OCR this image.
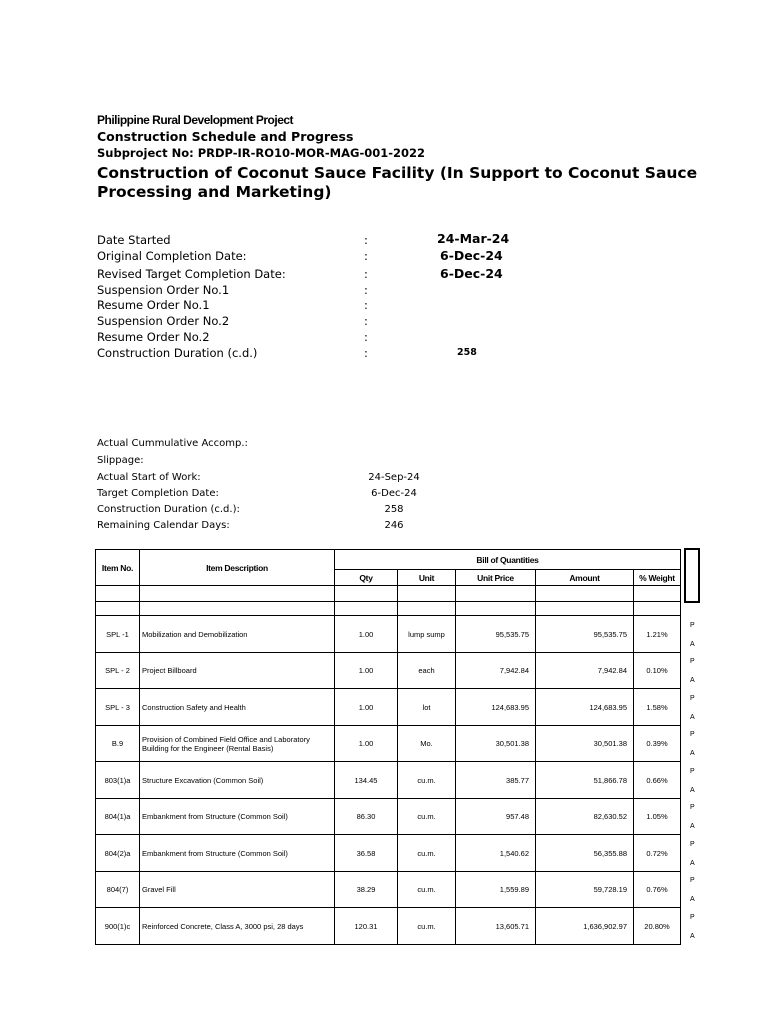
Philippine Rural Development Project
Construction Schedule and Progress
Subproject No: PRDP-IR-RO10-MOR-MAG-001-2022
Construction of Coconut Sauce Facility (In Support to Coconut Sauce Processing and Marketing)
Date Started	:	24-Mar-24
Original Completion Date:	:	6-Dec-24
Revised Target Completion Date:	:	6-Dec-24
Suspension Order No.1	:
Resume Order No.1	:
Suspension Order No.2	:
Resume Order No.2	:
Construction Duration (c.d.)	:	258
Actual Cummulative Accomp.:
Slippage:
Actual Start of Work:	24-Sep-24
Target Completion Date:	6-Dec-24
Construction Duration (c.d.):	258
Remaining Calendar Days:	246
Item No.	Item Description	Bill of Quantities				
		Qty	Unit	Unit Price	Amount	% Weight

SPL -1	Mobilization and Demobilization	1.00	lump sump	95,535.75	95,535.75	1.21%
SPL - 2	Project Billboard	1.00	each	7,942.84	7,942.84	0.10%
SPL - 3	Construction Safety and Health	1.00	lot	124,683.95	124,683.95	1.58%
B.9	Provision of Combined Field Office and Laboratory Building for the Engineer (Rental Basis)	1.00	Mo.	30,501.38	30,501.38	0.39%
803(1)a	Structure Excavation (Common Soil)	134.45	cu.m.	385.77	51,866.78	0.66%
804(1)a	Embankment from Structure (Common Soil)	86.30	cu.m.	957.48	82,630.52	1.05%
804(2)a	Embankment from Structure (Common Soil)	36.58	cu.m.	1,540.62	56,355.88	0.72%
804(7)	Gravel Fill	38.29	cu.m.	1,559.89	59,728.19	0.76%
900(1)c	Reinforced Concrete, Class A, 3000 psi, 28 days	120.31	cu.m.	13,605.71	1,636,902.97	20.80%
P
A
P
A
P
A
P
A
P
A
P
A
P
A
P
A
P
A
